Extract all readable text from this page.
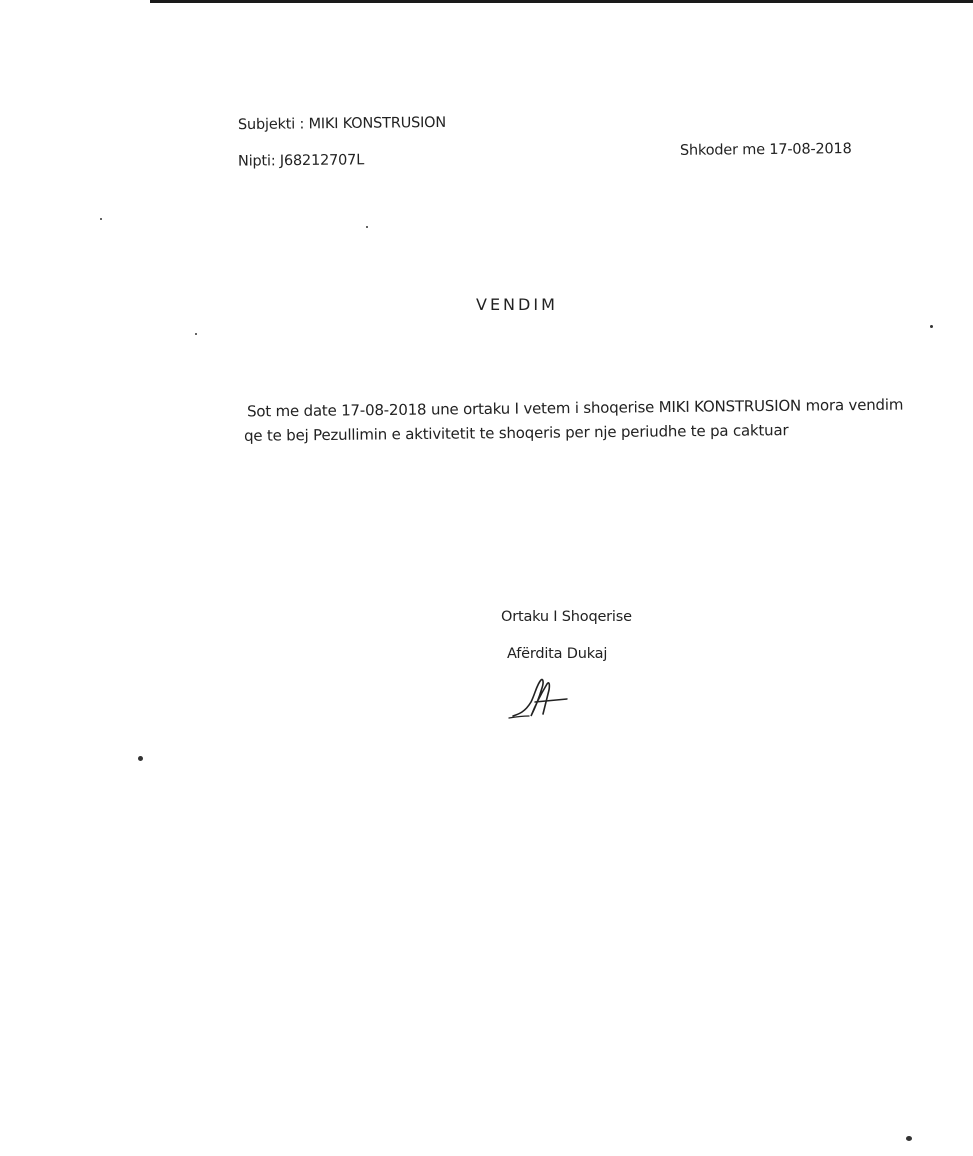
Subjekti : MIKI KONSTRUSION
Nipti: J68212707L
Shkoder me 17-08-2018
VENDIM
Sot me date 17-08-2018 une ortaku I vetem i shoqerise MIKI KONSTRUSION mora vendim
qe te bej Pezullimin e aktivitetit te shoqeris per nje periudhe te pa caktuar
Ortaku I Shoqerise
Afërdita Dukaj
